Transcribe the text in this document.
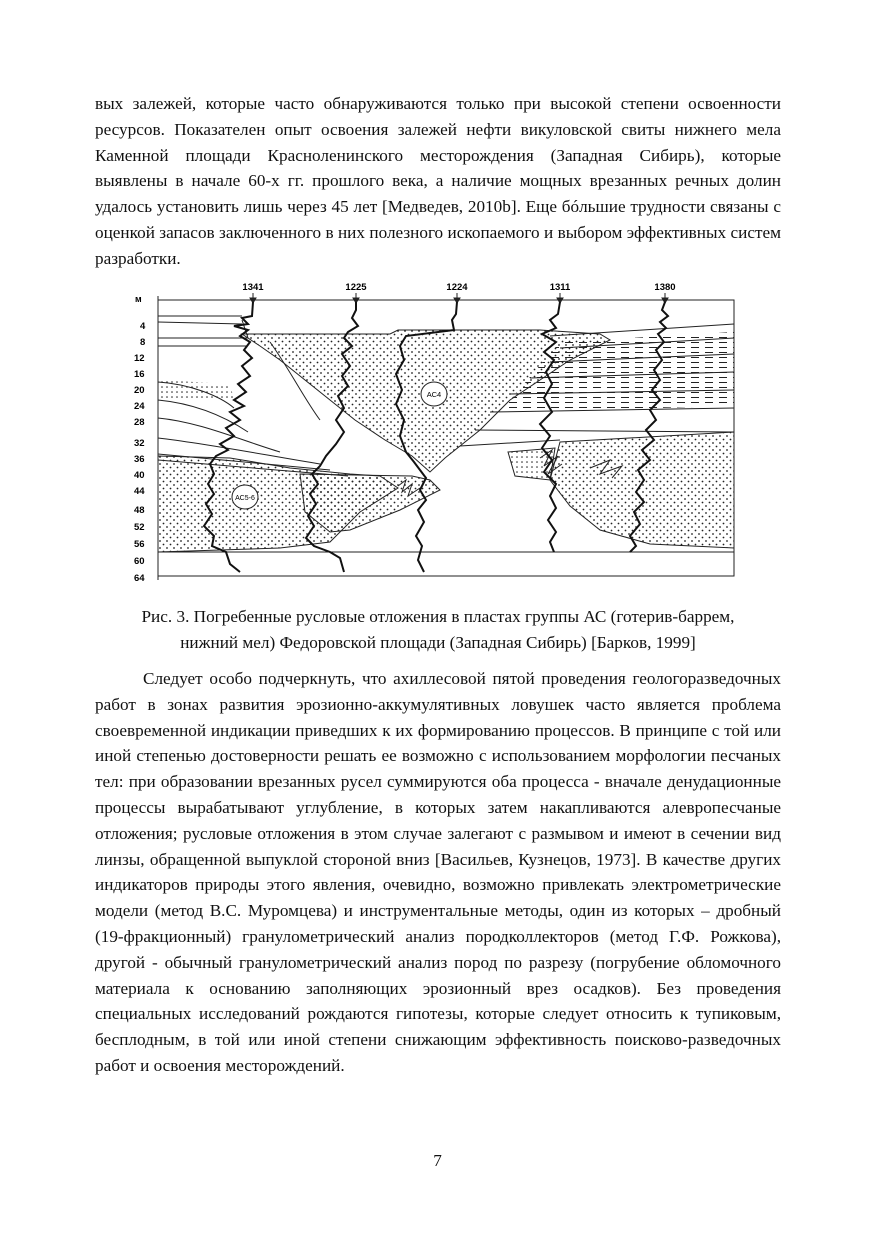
вых залежей, которые часто обнаруживаются только при высокой степени освоенности ресурсов. Показателен опыт освоения залежей нефти викуловской свиты нижнего мела Каменной площади Красноленинского месторождения (Западная Сибирь), которые выявлены в начале 60-х гг. прошлого века, а наличие мощных врезанных речных долин удалось установить лишь через 45 лет [Медведев, 2010b]. Еще бóльшие трудности связаны с оценкой запасов заключенного в них полезного ископаемого и выбором эффективных систем разработки.

м
4
8
12
16
20
24
28
32
36
40
44
48
52
56
60
64
1341	1225	1224	1311	1380
АС4
АС5-6
Рис. 3. Погребенные русловые отложения в пластах группы АС (готерив-баррем,
нижний мел) Федоровской площади (Западная Сибирь) [Барков, 1999]

Следует особо подчеркнуть, что ахиллесовой пятой проведения геологоразведочных работ в зонах развития эрозионно-аккумулятивных ловушек часто является проблема своевременной индикации приведших к их формированию процессов. В принципе с той или иной степенью достоверности решать ее возможно с использованием морфологии песчаных тел: при образовании врезанных русел суммируются оба процесса - вначале денудационные процессы вырабатывают углубление, в которых затем накапливаются алевропесчаные отложения; русловые отложения в этом случае залегают с размывом и имеют в сечении вид линзы, обращенной выпуклой стороной вниз [Васильев, Кузнецов, 1973]. В качестве других индикаторов природы этого явления, очевидно, возможно привлекать электрометрические модели (метод В.С. Муромцева) и инструментальные методы, один из которых – дробный (19-фракционный) гранулометрический анализ породколлекторов (метод Г.Ф. Рожкова), другой - обычный гранулометрический анализ пород по разрезу (погрубение обломочного материала к основанию заполняющих эрозионный врез осадков). Без проведения специальных исследований рождаются гипотезы, которые следует относить к тупиковым, бесплодным, в той или иной степени снижающим эффективность поисково-разведочных работ и освоения месторождений.

7
